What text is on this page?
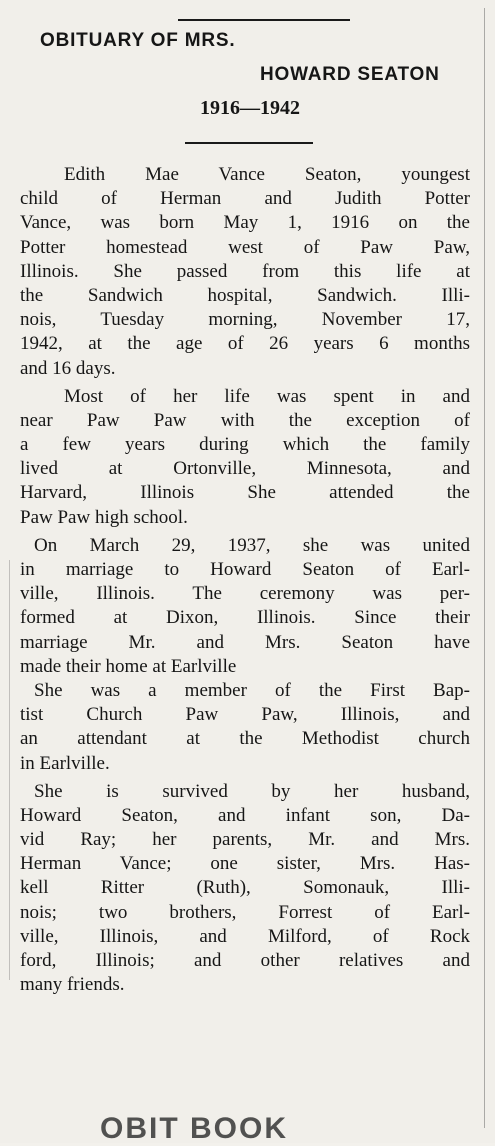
OBITUARY OF MRS.
HOWARD SEATON
1916—1942
Edith Mae Vance Seaton, youngest
child of Herman and Judith Potter
Vance, was born May 1, 1916 on the
Potter homestead west of Paw Paw,
Illinois. She passed from this life at
the Sandwich hospital, Sandwich. Illi-
nois, Tuesday morning, November 17,
1942, at the age of 26 years 6 months
and 16 days.
Most of her life was spent in and
near Paw Paw with the exception of
a few years during which the family
lived at Ortonville, Minnesota, and
Harvard, Illinois She attended the
Paw Paw high school.
On March 29, 1937, she was united
in marriage to Howard Seaton of Earl-
ville, Illinois. The ceremony was per-
formed at Dixon, Illinois. Since their
marriage Mr. and Mrs. Seaton have
made their home at Earlville
She was a member of the First Bap-
tist Church Paw Paw, Illinois, and
an attendant at the Methodist church
in Earlville.
She is survived by her husband,
Howard Seaton, and infant son, Da-
vid Ray; her parents, Mr. and Mrs.
Herman Vance; one sister, Mrs. Has-
kell Ritter (Ruth), Somonauk, Illi-
nois; two brothers, Forrest of Earl-
ville, Illinois, and Milford, of Rock
ford, Illinois; and other relatives and
many friends.
OBIT BOOK
